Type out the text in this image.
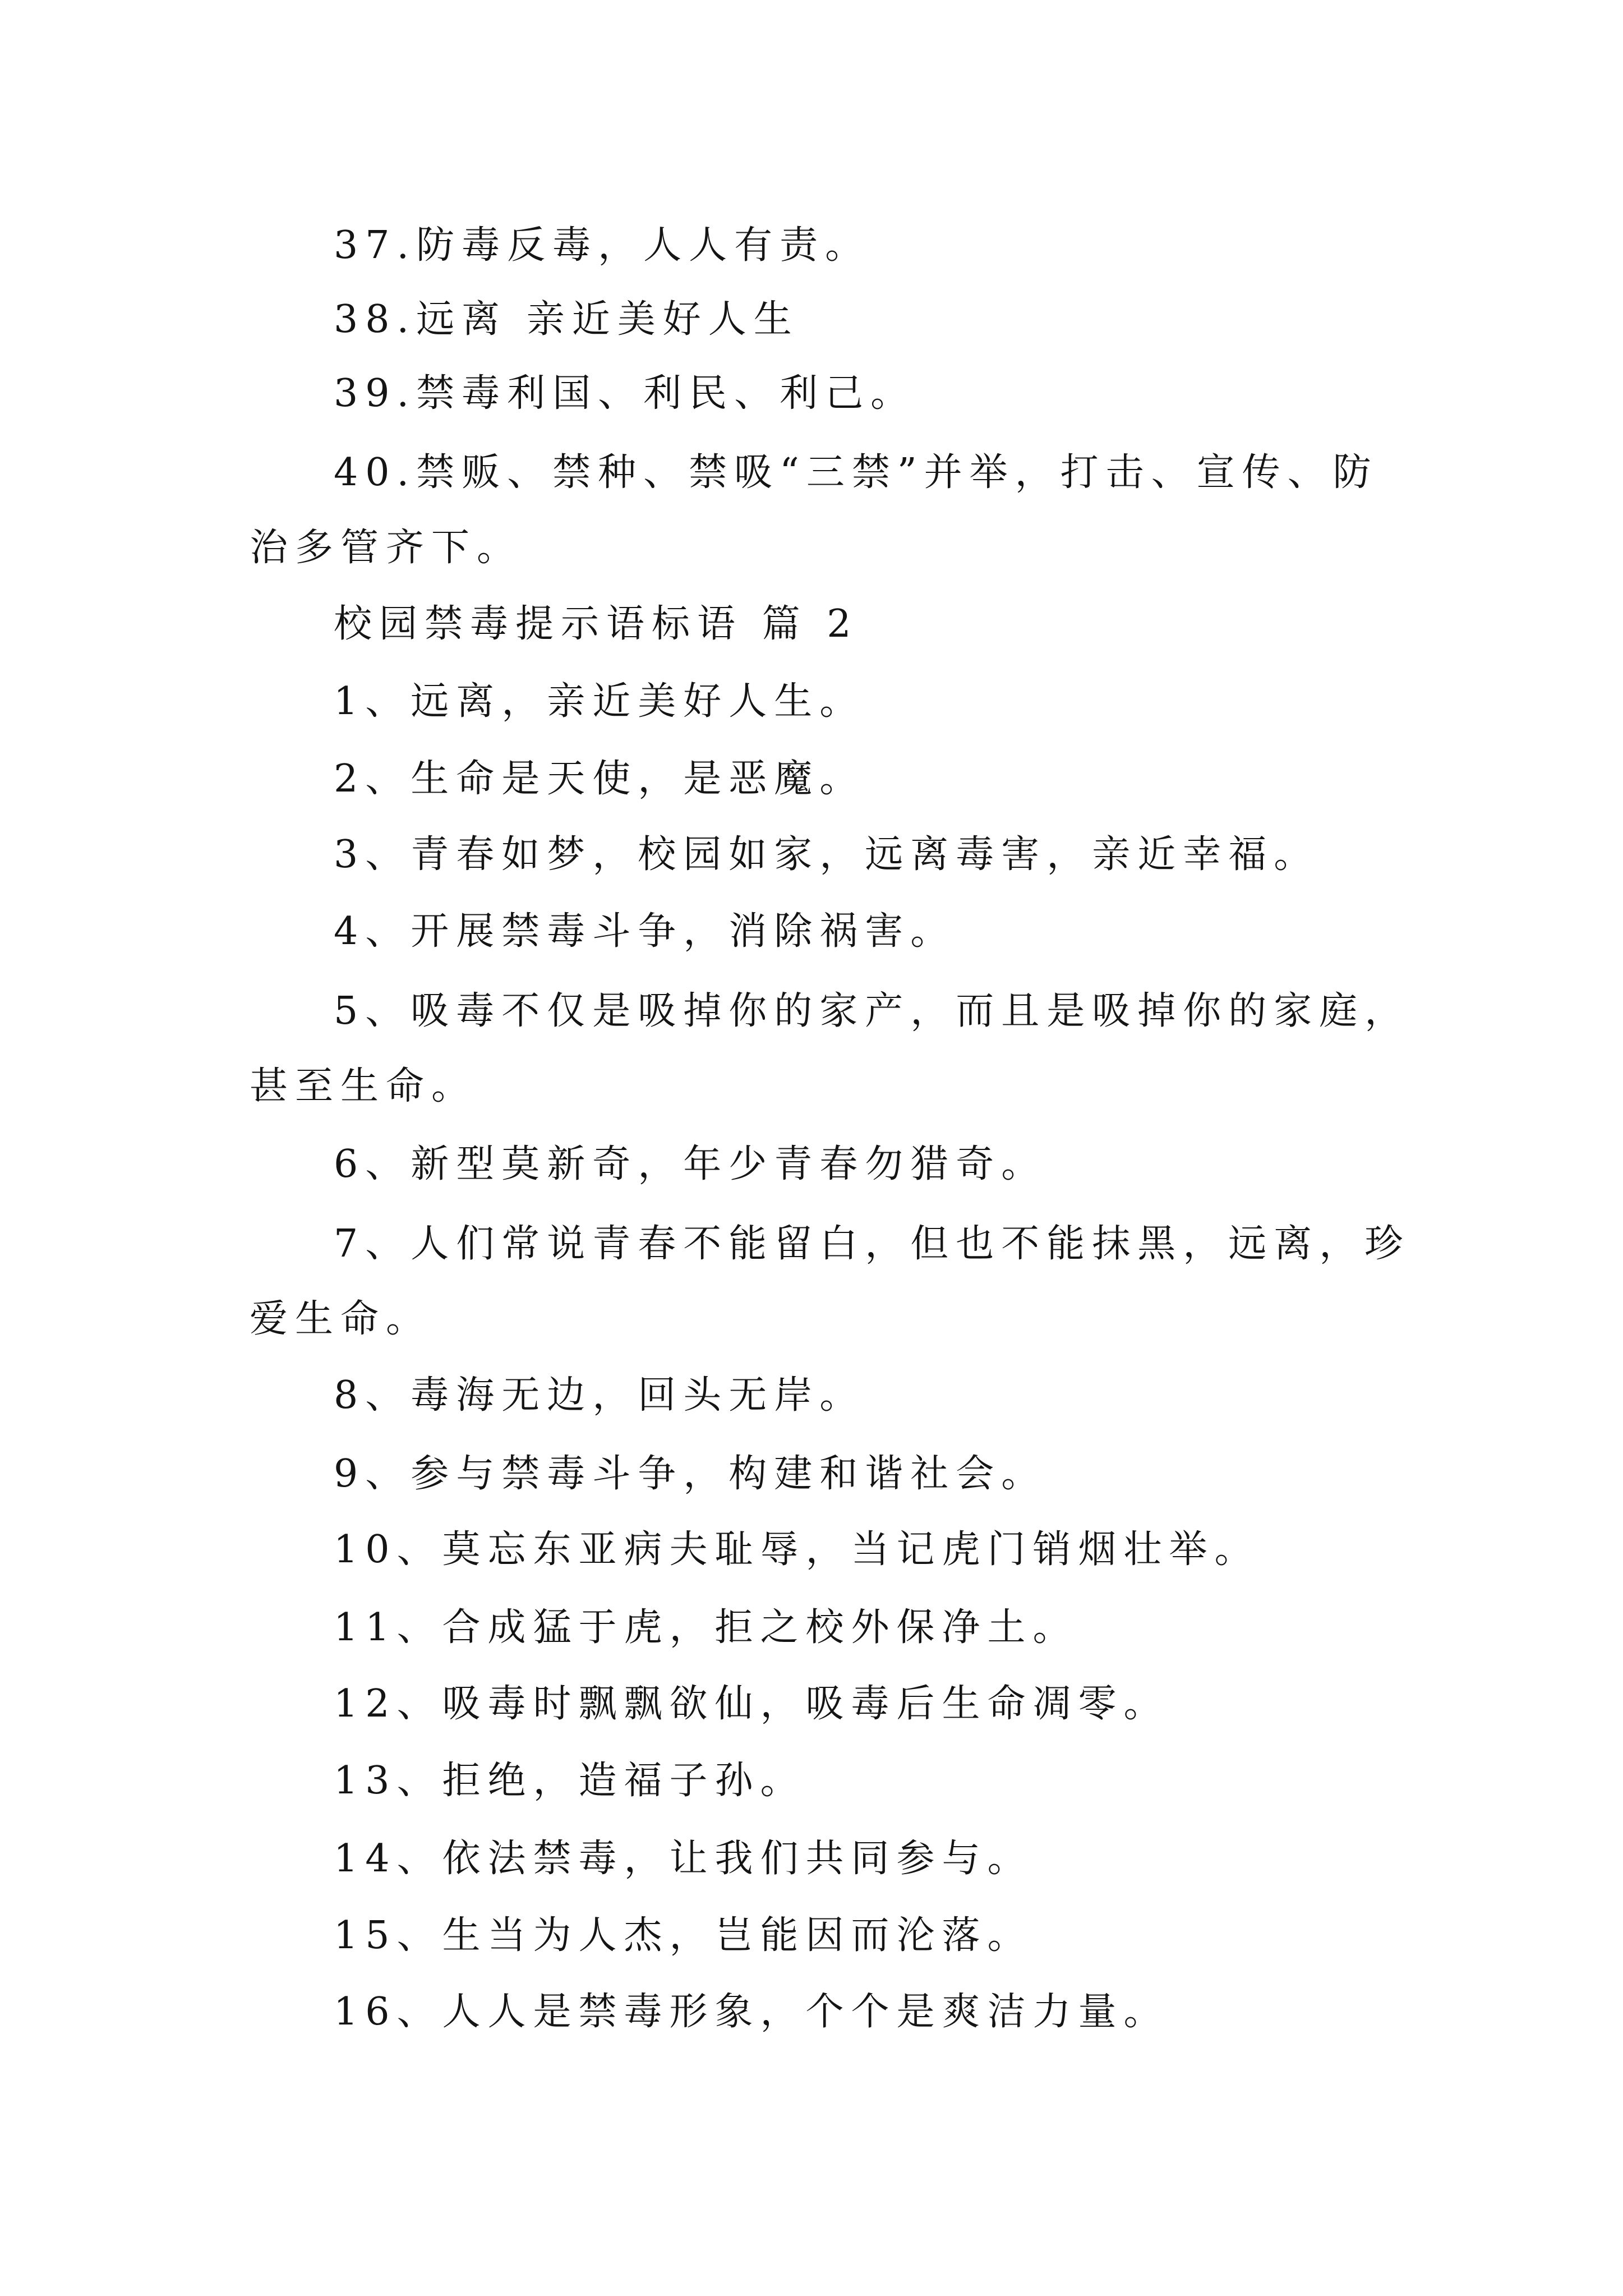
37.防毒反毒，人人有责。
38.远离 亲近美好人生
39.禁毒利国、利民、利己。
40.禁贩、禁种、禁吸“三禁”并举，打击、宣传、防
治多管齐下。
校园禁毒提示语标语 篇 2
1、远离，亲近美好人生。
2、生命是天使，是恶魔。
3、青春如梦，校园如家，远离毒害，亲近幸福。
4、开展禁毒斗争，消除祸害。
5、吸毒不仅是吸掉你的家产，而且是吸掉你的家庭，
甚至生命。
6、新型莫新奇，年少青春勿猎奇。
7、人们常说青春不能留白，但也不能抹黑，远离，珍
爱生命。
8、毒海无边，回头无岸。
9、参与禁毒斗争，构建和谐社会。
10、莫忘东亚病夫耻辱，当记虎门销烟壮举。
11、合成猛于虎，拒之校外保净土。
12、吸毒时飘飘欲仙，吸毒后生命凋零。
13、拒绝，造福子孙。
14、依法禁毒，让我们共同参与。
15、生当为人杰，岂能因而沦落。
16、人人是禁毒形象，个个是爽洁力量。
